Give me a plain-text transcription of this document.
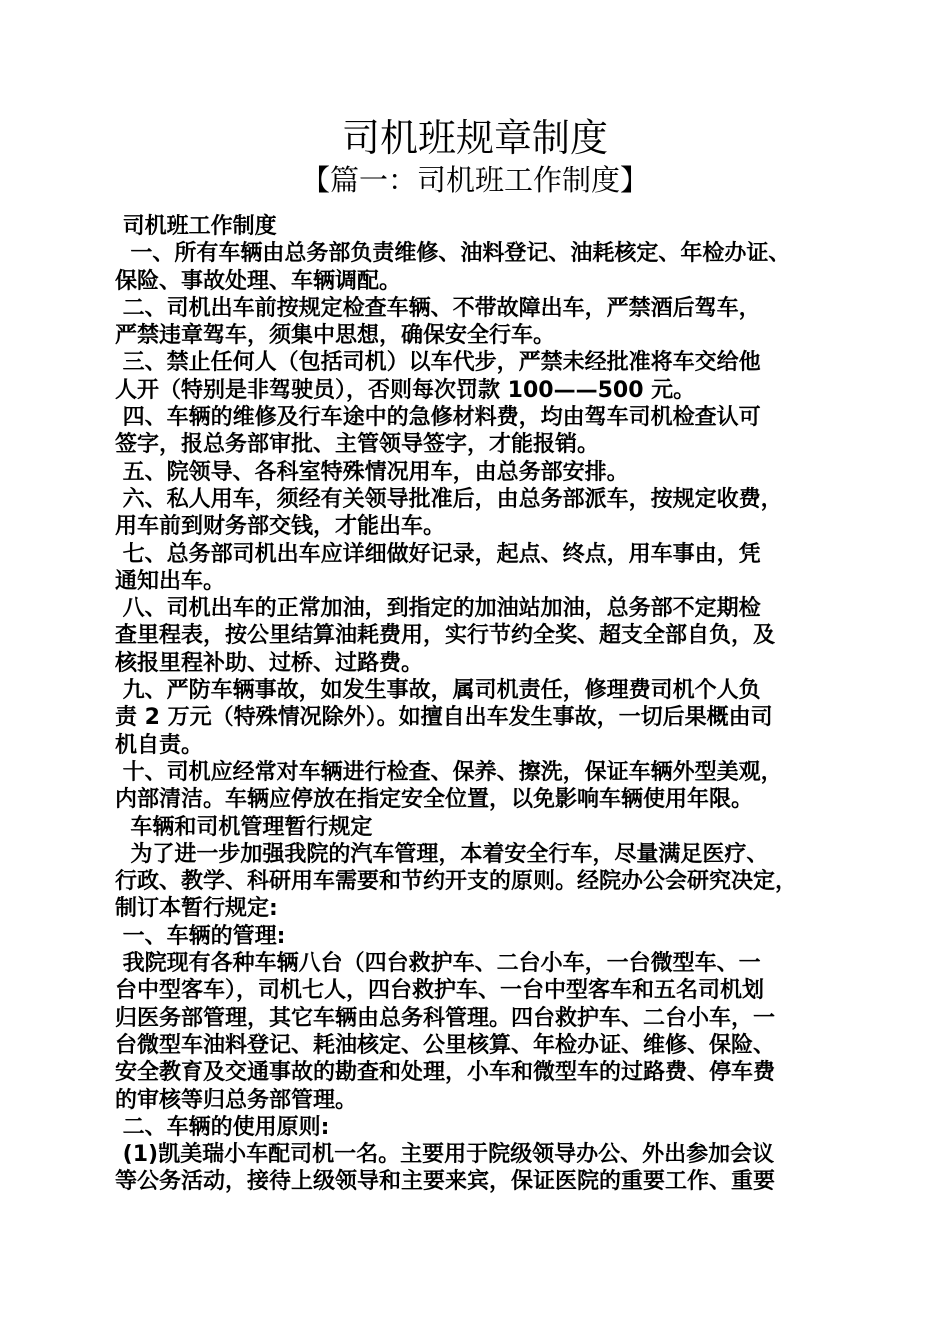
司机班规章制度
【篇一：司机班工作制度】

司机班工作制度

一、所有车辆由总务部负责维修、油料登记、油耗核定、年检办证、

保险、事故处理、车辆调配。

二、司机出车前按规定检查车辆、不带故障出车，严禁酒后驾车，

严禁违章驾车，须集中思想，确保安全行车。

三、禁止任何人（包括司机）以车代步，严禁未经批准将车交给他

人开（特别是非驾驶员），否则每次罚款 100——500 元。

四、车辆的维修及行车途中的急修材料费，均由驾车司机检查认可

签字，报总务部审批、主管领导签字，才能报销。

五、院领导、各科室特殊情况用车，由总务部安排。

六、私人用车，须经有关领导批准后，由总务部派车，按规定收费，

用车前到财务部交钱，才能出车。

七、总务部司机出车应详细做好记录，起点、终点，用车事由，凭

通知出车。

八、司机出车的正常加油，到指定的加油站加油，总务部不定期检

查里程表，按公里结算油耗费用，实行节约全奖、超支全部自负，及

核报里程补助、过桥、过路费。

九、严防车辆事故，如发生事故，属司机责任，修理费司机个人负

责 2 万元（特殊情况除外）。如擅自出车发生事故，一切后果概由司

机自责。

十、司机应经常对车辆进行检查、保养、擦洗，保证车辆外型美观，

内部清洁。车辆应停放在指定安全位置，以免影响车辆使用年限。

车辆和司机管理暂行规定

为了进一步加强我院的汽车管理，本着安全行车，尽量满足医疗、

行政、教学、科研用车需要和节约开支的原则。经院办公会研究决定，

制订本暂行规定:

一、车辆的管理:

我院现有各种车辆八台（四台救护车、二台小车，一台微型车、一

台中型客车），司机七人，四台救护车、一台中型客车和五名司机划

归医务部管理，其它车辆由总务科管理。四台救护车、二台小车，一

台微型车油料登记、耗油核定、公里核算、年检办证、维修、保险、

安全教育及交通事故的勘查和处理，小车和微型车的过路费、停车费

的审核等归总务部管理。

二、车辆的使用原则:

(1)凯美瑞小车配司机一名。主要用于院级领导办公、外出参加会议

等公务活动，接待上级领导和主要来宾，保证医院的重要工作、重要
